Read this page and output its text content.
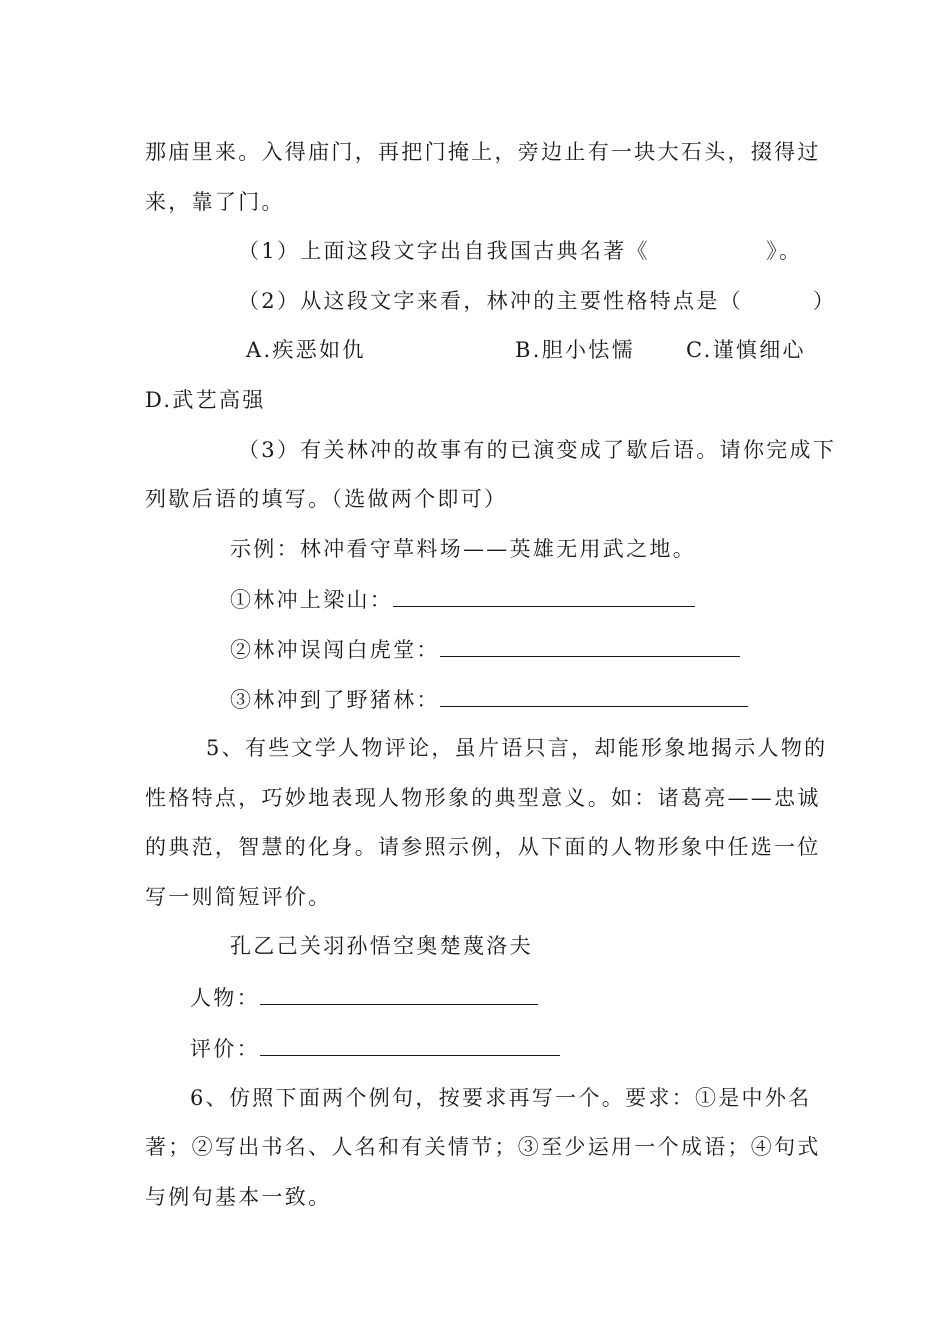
那庙里来。入得庙门，再把门掩上，旁边止有一块大石头，掇得过
来，靠了门。
（1）上面这段文字出自我国古典名著《　　　　　》。
（2）从这段文字来看，林冲的主要性格特点是（　　　）
A.疾恶如仇	B.胆小怯懦 C.谨慎细心
D.武艺高强
（3）有关林冲的故事有的已演变成了歇后语。请你完成下
列歇后语的填写。（选做两个即可）
示例：林冲看守草料场——英雄无用武之地。
①林冲上梁山：
②林冲误闯白虎堂：
③林冲到了野猪林：
5、有些文学人物评论，虽片语只言，却能形象地揭示人物的
性格特点，巧妙地表现人物形象的典型意义。如：诸葛亮——忠诚
的典范，智慧的化身。请参照示例，从下面的人物形象中任选一位
写一则简短评价。
孔乙己关羽孙悟空奥楚蔑洛夫
人物：
评价：
6、仿照下面两个例句，按要求再写一个。要求：①是中外名
著；②写出书名、人名和有关情节；③至少运用一个成语；④句式
与例句基本一致。
